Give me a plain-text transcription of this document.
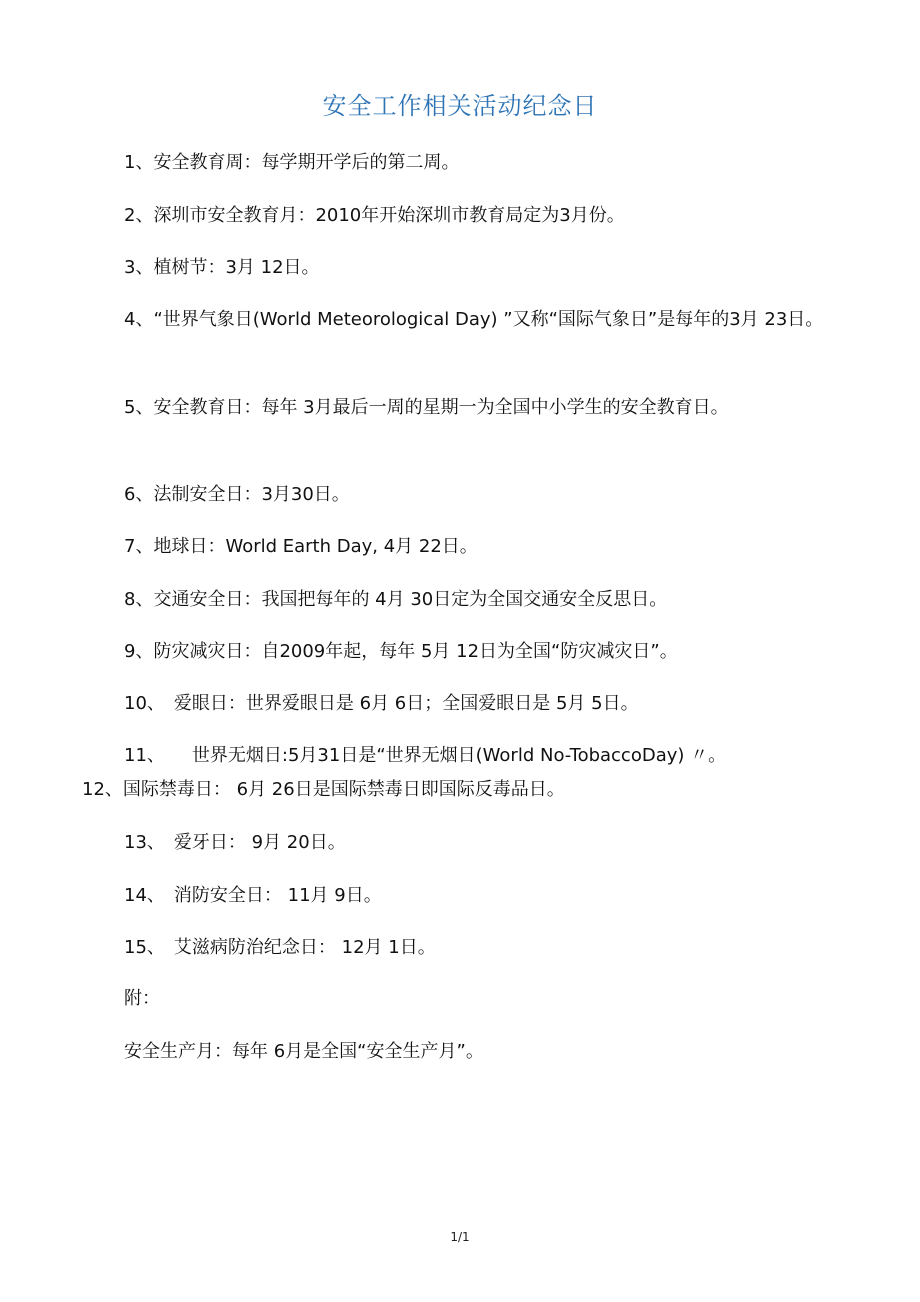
安全工作相关活动纪念日
1、安全教育周：每学期开学后的第二周。
2、深圳市安全教育月：2010年开始深圳市教育局定为3月份。
3、植树节：3月 12日。
4、“世界气象日(World Meteorological Day) ”又称“国际气象日”是每年的3月 23日。
5、安全教育日：每年 3月最后一周的星期一为全国中小学生的安全教育日。
6、法制安全日：3月30日。
7、地球日：World Earth Day, 4月 22日。
8、交通安全日：我国把每年的 4月 30日定为全国交通安全反思日。
9、防灾减灾日：自2009年起，每年 5月 12日为全国“防灾减灾日”。
10、　爱眼日：世界爱眼日是 6月 6日；全国爱眼日是 5月 5日。
11、　　世界无烟日:5月31日是“世界无烟日(World No-TobaccoDay) 〃。
12、国际禁毒日： 6月 26日是国际禁毒日即国际反毒品日。
13、　爱牙日： 9月 20日。
14、　消防安全日： 11月 9日。
15、　艾滋病防治纪念日： 12月 1日。
附：
安全生产月：每年 6月是全国“安全生产月”。
1/1
